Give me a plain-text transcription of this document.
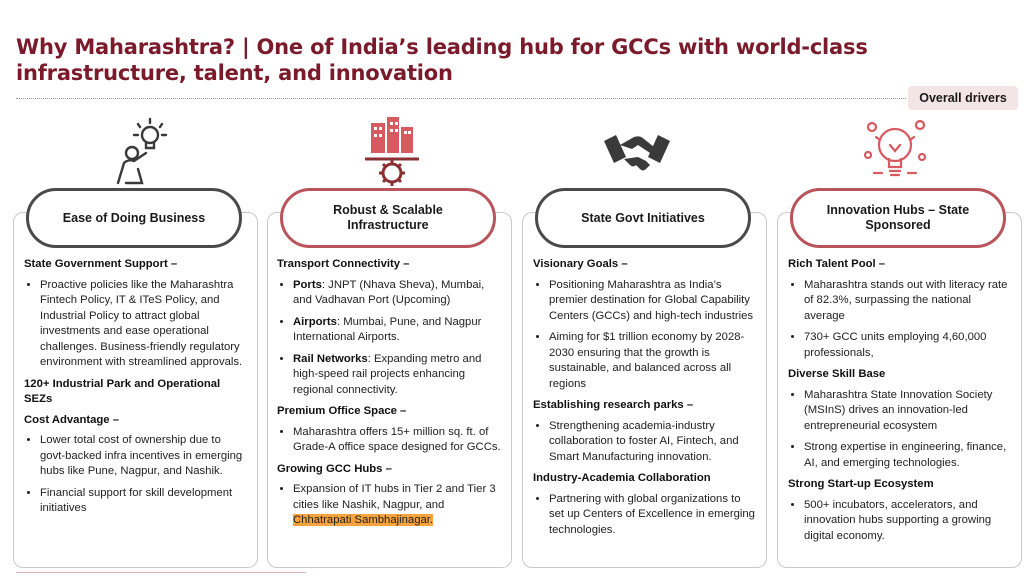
Why Maharashtra? | One of India’s leading hub for GCCs with world-class infrastructure, talent, and innovation
Overall drivers
Ease of Doing Business
Robust & Scalable Infrastructure
State Govt Initiatives
Innovation Hubs – State Sponsored
State Government Support –
• Proactive policies like the Maharashtra Fintech Policy, IT & ITeS Policy, and Industrial Policy to attract global investments and ease operational challenges. Business-friendly regulatory environment with streamlined approvals.
120+ Industrial Park and Operational SEZs
Cost Advantage –
• Lower total cost of ownership due to govt-backed infra incentives in emerging hubs like Pune, Nagpur, and Nashik.
• Financial support for skill development initiatives
Transport Connectivity –
• Ports: JNPT (Nhava Sheva), Mumbai, and Vadhavan Port (Upcoming)
• Airports: Mumbai, Pune, and Nagpur International Airports.
• Rail Networks: Expanding metro and high-speed rail projects enhancing regional connectivity.
Premium Office Space –
• Maharashtra offers 15+ million sq. ft. of Grade-A office space designed for GCCs.
Growing GCC Hubs –
• Expansion of IT hubs in Tier 2 and Tier 3 cities like Nashik, Nagpur, and Chhatrapati Sambhajinagar.
Visionary Goals –
• Positioning Maharashtra as India’s premier destination for Global Capability Centers (GCCs) and high-tech industries
• Aiming for $1 trillion economy by 2028-2030 ensuring that the growth is sustainable, and balanced across all regions
Establishing research parks –
• Strengthening academia-industry collaboration to foster AI, Fintech, and Smart Manufacturing innovation.
Industry-Academia Collaboration
• Partnering with global organizations to set up Centers of Excellence in emerging technologies.
Rich Talent Pool –
• Maharashtra stands out with literacy rate of 82.3%, surpassing the national average
• 730+ GCC units employing 4,60,000 professionals,
Diverse Skill Base
• Maharashtra State Innovation Society (MSInS) drives an innovation-led entrepreneurial ecosystem
• Strong expertise in engineering, finance, AI, and emerging technologies.
Strong Start-up Ecosystem
• 500+ incubators, accelerators, and innovation hubs supporting a growing digital economy.
